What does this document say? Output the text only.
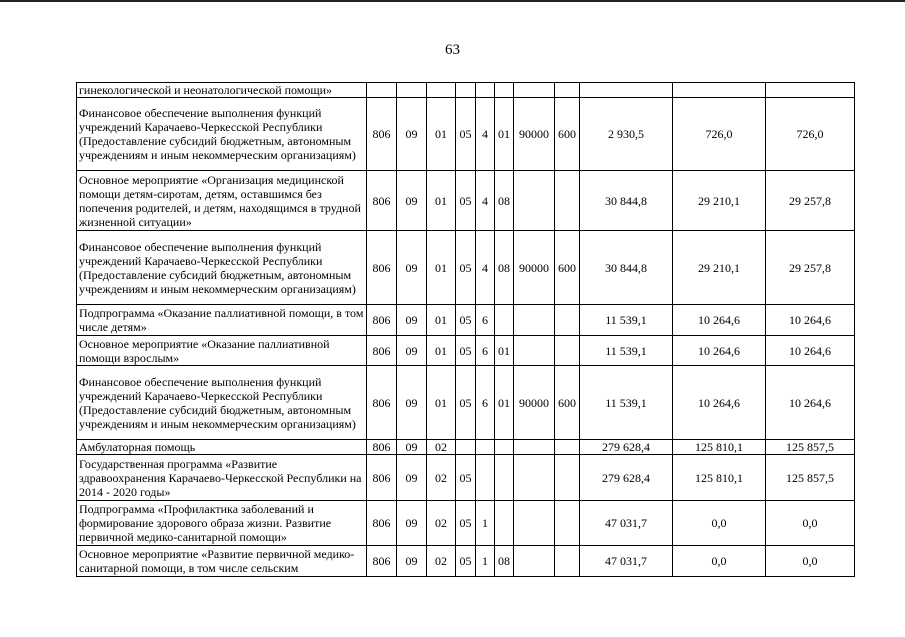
63
гинекологической и неонатологической помощи»											
Финансовое обеспечение выполнения функций учреждений Карачаево-Черкесской Республики (Предоставление субсидий бюджетным, автономным учреждениям и иным некоммерческим организациям)	806	09	01	05	4	01	90000	600	2 930,5	726,0	726,0
Основное мероприятие «Организация медицинской помощи детям-сиротам, детям, оставшимся без попечения родителей, и детям, находящимся в трудной жизненной ситуации»	806	09	01	05	4	08			30 844,8	29 210,1	29 257,8
Финансовое обеспечение выполнения функций учреждений Карачаево-Черкесской Республики (Предоставление субсидий бюджетным, автономным учреждениям и иным некоммерческим организациям)	806	09	01	05	4	08	90000	600	30 844,8	29 210,1	29 257,8
Подпрограмма «Оказание паллиативной помощи, в том числе детям»	806	09	01	05	6				11 539,1	10 264,6	10 264,6
Основное мероприятие «Оказание паллиативной помощи взрослым»	806	09	01	05	6	01			11 539,1	10 264,6	10 264,6
Финансовое обеспечение выполнения функций учреждений Карачаево-Черкесской Республики (Предоставление субсидий бюджетным, автономным учреждениям и иным некоммерческим организациям)	806	09	01	05	6	01	90000	600	11 539,1	10 264,6	10 264,6
Амбулаторная помощь	806	09	02						279 628,4	125 810,1	125 857,5
Государственная программа «Развитие здравоохранения Карачаево-Черкесской Республики на 2014 - 2020 годы»	806	09	02	05					279 628,4	125 810,1	125 857,5
Подпрограмма «Профилактика заболеваний и формирование здорового образа жизни. Развитие первичной медико-санитарной помощи»	806	09	02	05	1				47 031,7	0,0	0,0
Основное мероприятие «Развитие первичной медико-санитарной помощи, в том числе сельским	806	09	02	05	1	08			47 031,7	0,0	0,0
